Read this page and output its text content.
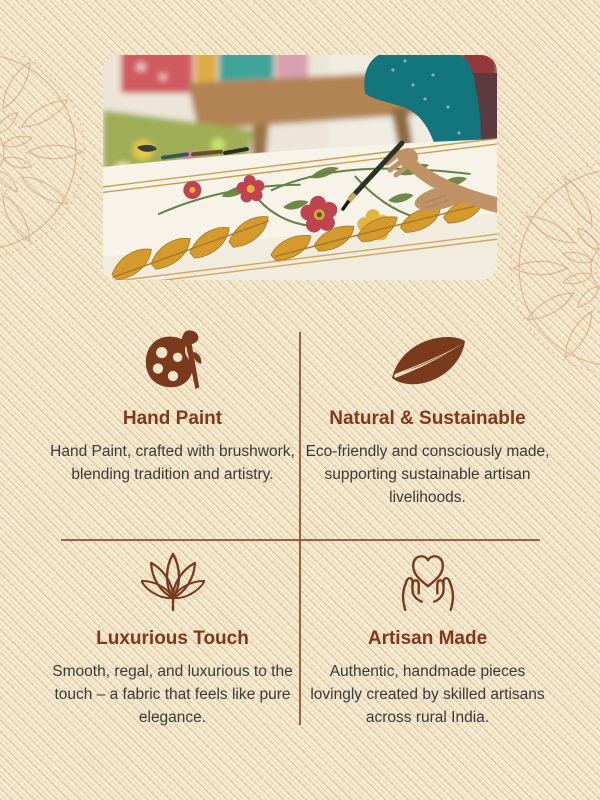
Hand Paint

Hand Paint, crafted with brushwork, blending tradition and artistry.

Natural & Sustainable

Eco-friendly and consciously made, supporting sustainable artisan livelihoods.

Luxurious Touch

Smooth, regal, and luxurious to the touch – a fabric that feels like pure elegance.

Artisan Made

Authentic, handmade pieces lovingly created by skilled artisans across rural India.
